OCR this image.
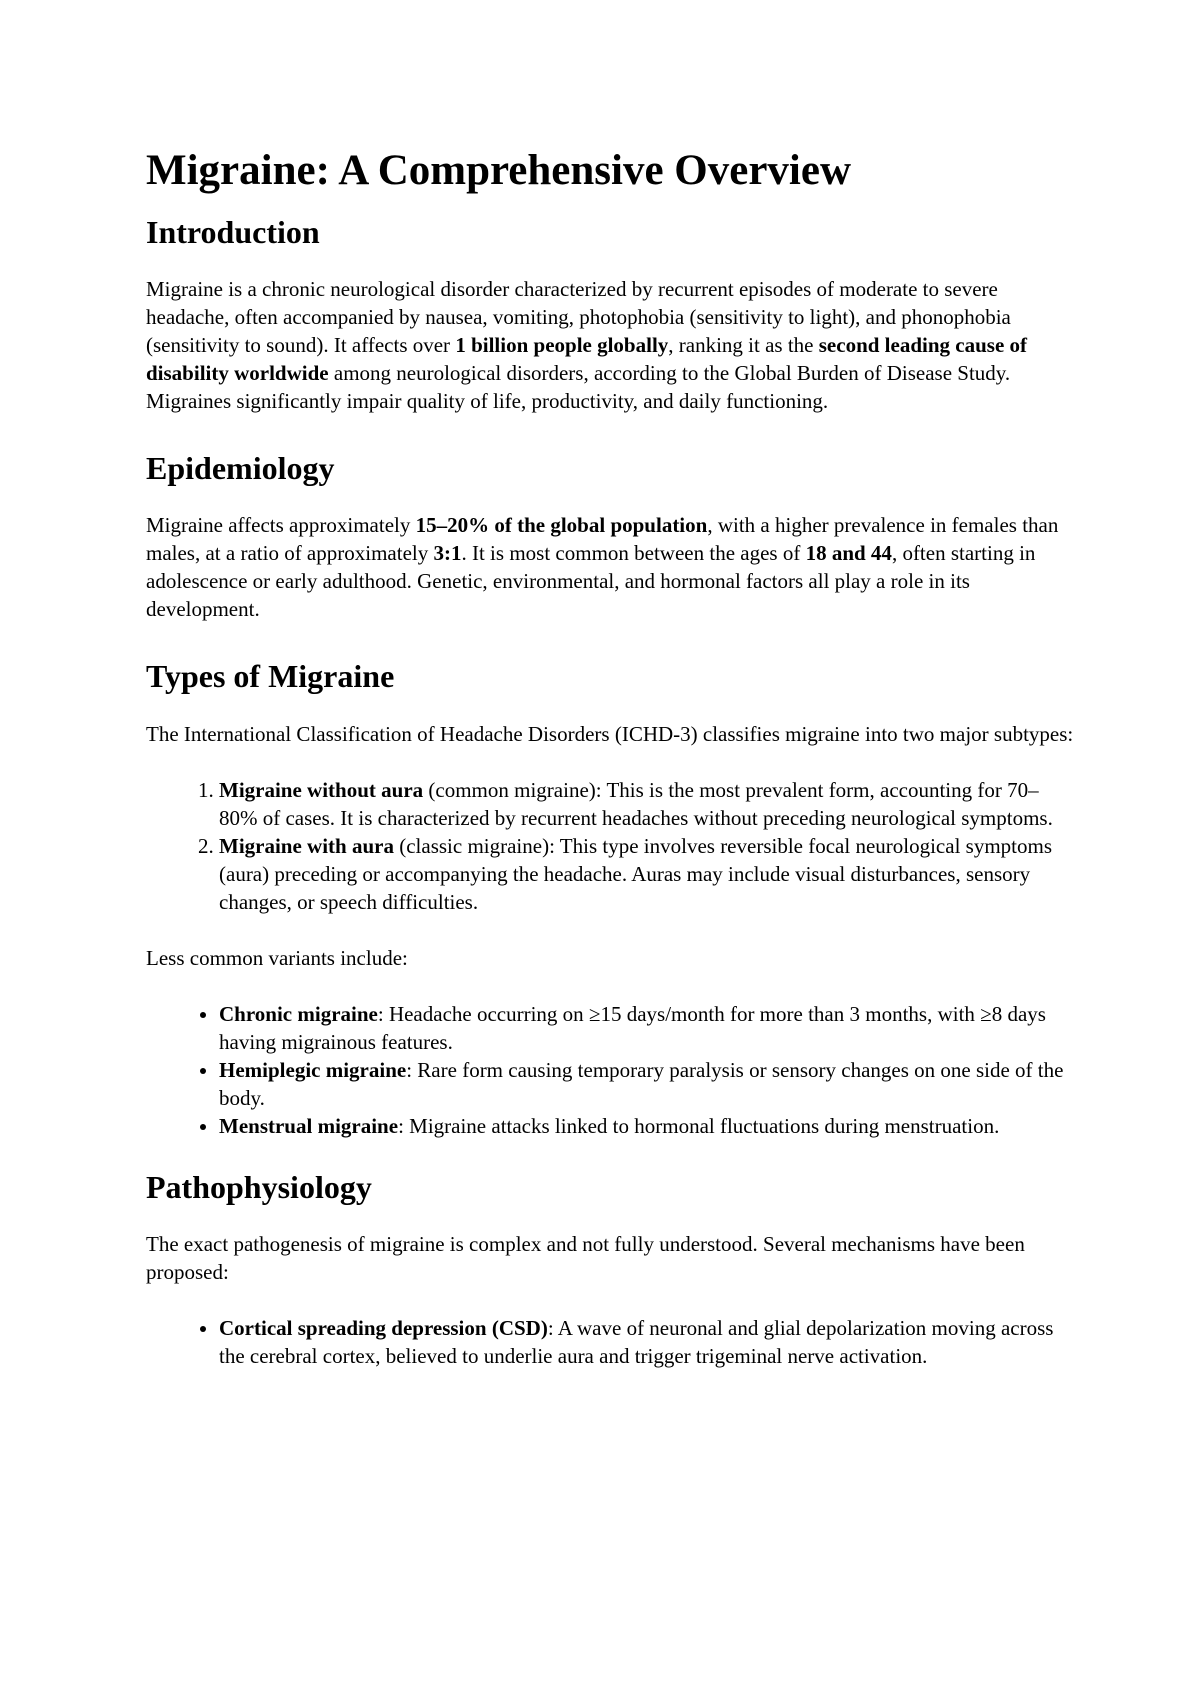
Migraine: A Comprehensive Overview
Introduction

Migraine is a chronic neurological disorder characterized by recurrent episodes of moderate to severe headache, often accompanied by nausea, vomiting, photophobia (sensitivity to light), and phonophobia (sensitivity to sound). It affects over 1 billion people globally, ranking it as the second leading cause of disability worldwide among neurological disorders, according to the Global Burden of Disease Study. Migraines significantly impair quality of life, productivity, and daily functioning.

Epidemiology

Migraine affects approximately 15–20% of the global population, with a higher prevalence in females than males, at a ratio of approximately 3:1. It is most common between the ages of 18 and 44, often starting in adolescence or early adulthood. Genetic, environmental, and hormonal factors all play a role in its development.

Types of Migraine

The International Classification of Headache Disorders (ICHD-3) classifies migraine into two major subtypes:

1. Migraine without aura (common migraine): This is the most prevalent form, accounting for 70–80% of cases. It is characterized by recurrent headaches without preceding neurological symptoms.
2. Migraine with aura (classic migraine): This type involves reversible focal neurological symptoms (aura) preceding or accompanying the headache. Auras may include visual disturbances, sensory changes, or speech difficulties.

Less common variants include:

• Chronic migraine: Headache occurring on ≥15 days/month for more than 3 months, with ≥8 days having migrainous features.
• Hemiplegic migraine: Rare form causing temporary paralysis or sensory changes on one side of the body.
• Menstrual migraine: Migraine attacks linked to hormonal fluctuations during menstruation.
Pathophysiology

The exact pathogenesis of migraine is complex and not fully understood. Several mechanisms have been proposed:

• Cortical spreading depression (CSD): A wave of neuronal and glial depolarization moving across the cerebral cortex, believed to underlie aura and trigger trigeminal nerve activation.
